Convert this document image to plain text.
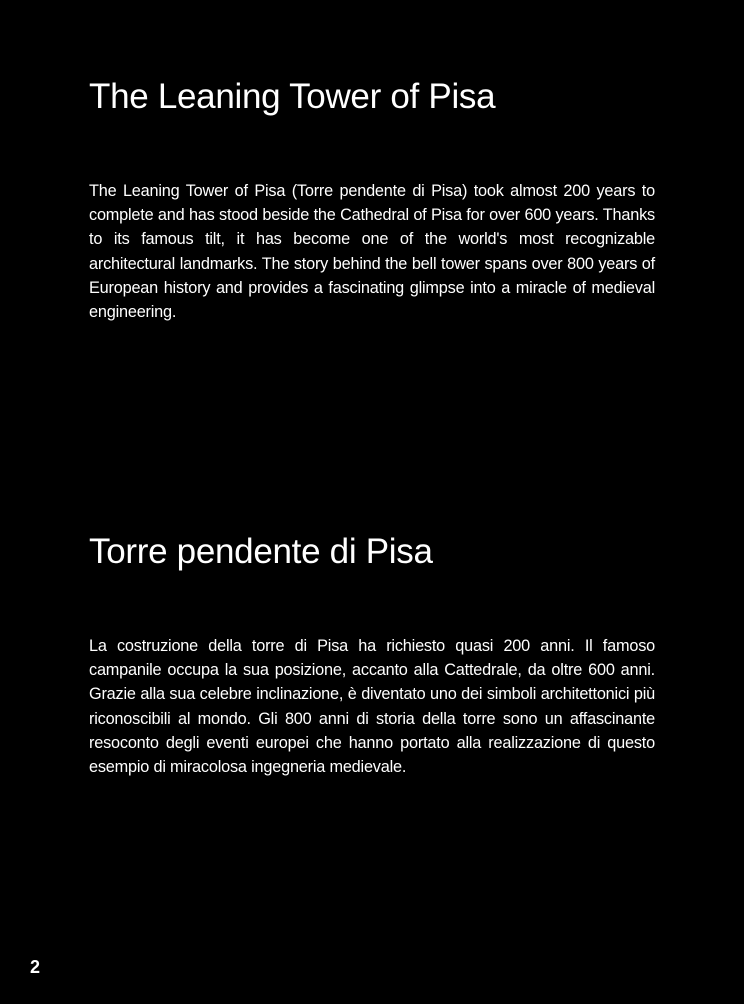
The Leaning Tower of Pisa

The Leaning Tower of Pisa (Torre pendente di Pisa) took almost 200 years to complete and has stood beside the Cathedral of Pisa for over 600 years. Thanks to its famous tilt, it has become one of the world's most recognizable architectural landmarks. The story behind the bell tower spans over 800 years of European history and provides a fascinating glimpse into a miracle of medieval engineering.

Torre pendente di Pisa

La costruzione della torre di Pisa ha richiesto quasi 200 anni. Il famoso campanile occupa la sua posizione, accanto alla Cattedrale, da oltre 600 anni. Grazie alla sua celebre inclinazione, è diventato uno dei simboli architettonici più riconoscibili al mondo. Gli 800 anni di storia della torre sono un affascinante resoconto degli eventi europei che hanno portato alla realizzazione di questo esempio di miracolosa ingegneria medievale.

2
